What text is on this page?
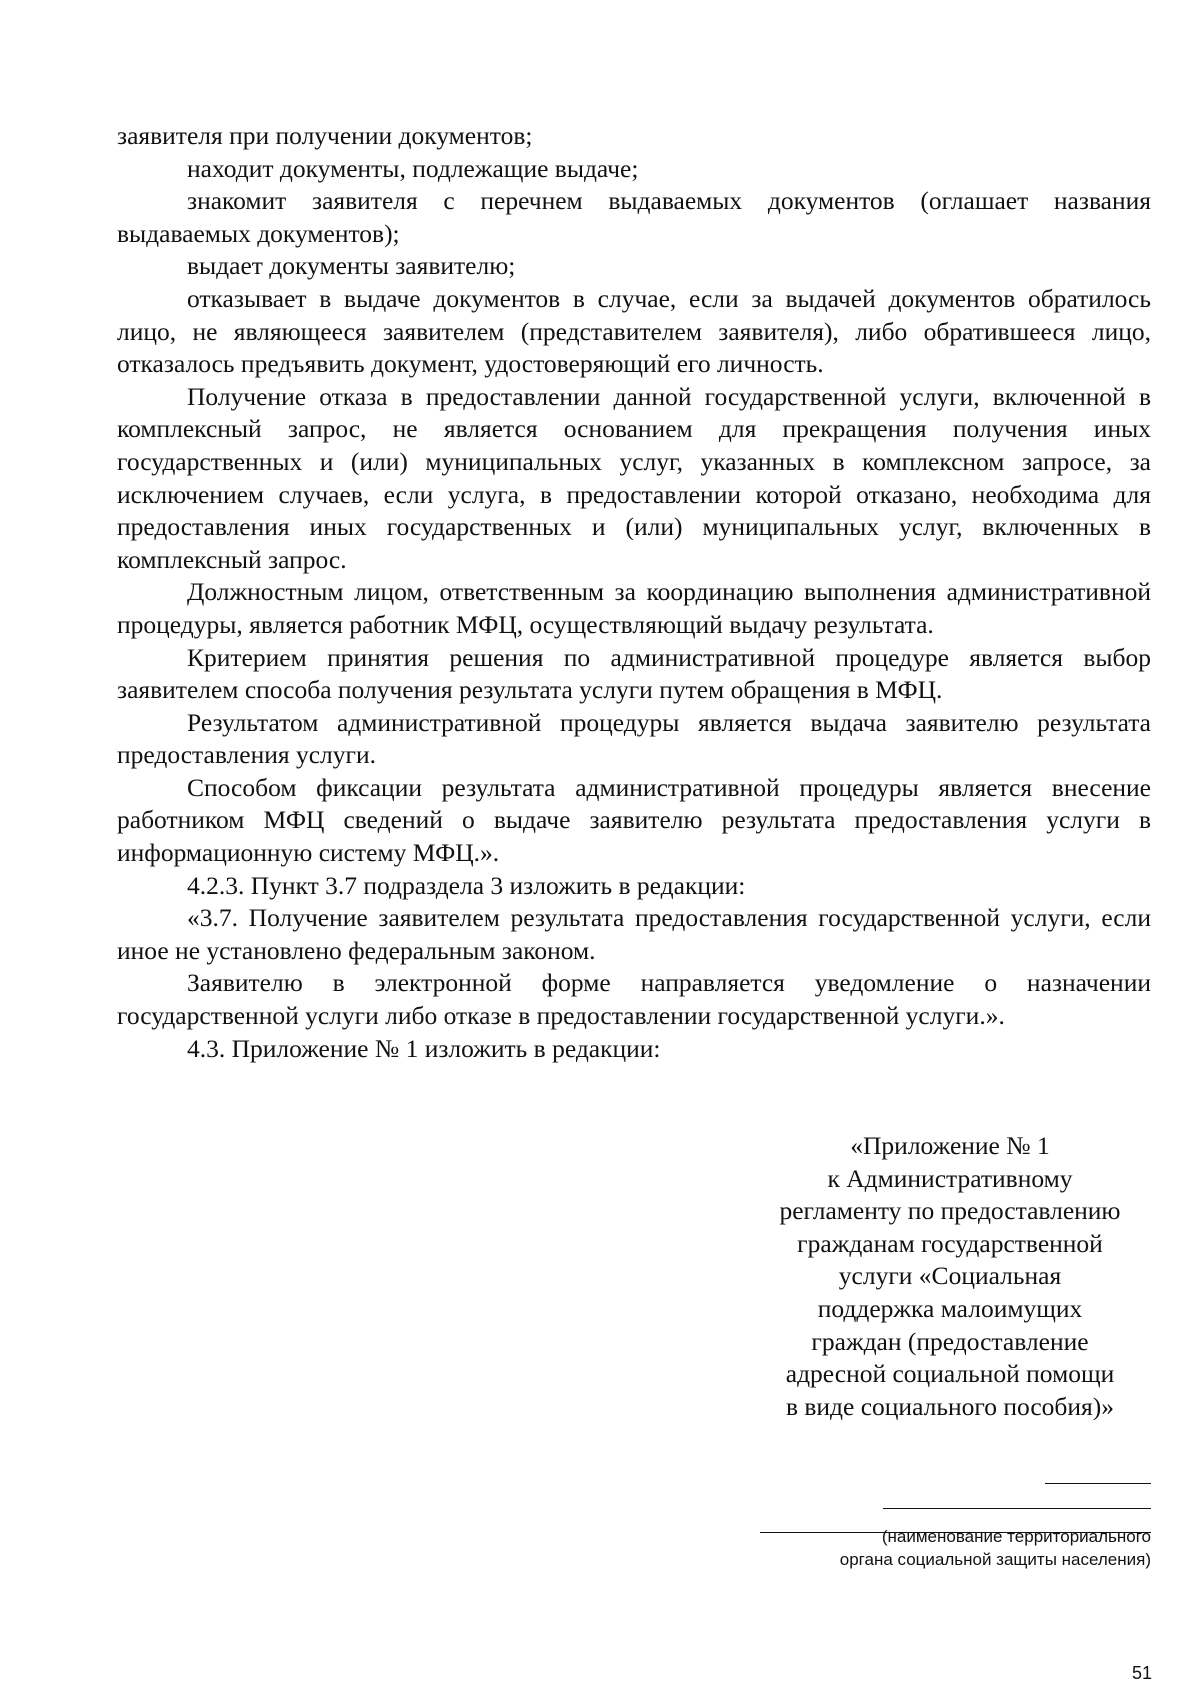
заявителя при получении документов;

находит документы, подлежащие выдаче;

знакомит заявителя с перечнем выдаваемых документов (оглашает названия выдаваемых документов);

выдает документы заявителю;

отказывает в выдаче документов в случае, если за выдачей документов обратилось лицо, не являющееся заявителем (представителем заявителя), либо обратившееся лицо, отказалось предъявить документ, удостоверяющий его личность.

Получение отказа в предоставлении данной государственной услуги, включенной в комплексный запрос, не является основанием для прекращения получения иных государственных и (или) муниципальных услуг, указанных в комплексном запросе, за исключением случаев, если услуга, в предоставлении которой отказано, необходима для предоставления иных государственных и (или) муниципальных услуг, включенных в комплексный запрос.

Должностным лицом, ответственным за координацию выполнения административной процедуры, является работник МФЦ, осуществляющий выдачу результата.

Критерием принятия решения по административной процедуре является выбор заявителем способа получения результата услуги путем обращения в МФЦ.

Результатом административной процедуры является выдача заявителю результата предоставления услуги.

Способом фиксации результата административной процедуры является внесение работником МФЦ сведений о выдаче заявителю результата предоставления услуги в информационную систему МФЦ.».

4.2.3. Пункт 3.7 подраздела 3 изложить в редакции:

«3.7. Получение заявителем результата предоставления государственной услуги, если иное не установлено федеральным законом.

Заявителю в электронной форме направляется уведомление о назначении государственной услуги либо отказе в предоставлении государственной услуги.».

4.3. Приложение № 1 изложить в редакции:

«Приложение № 1
к Административному
регламенту по предоставлению
гражданам государственной
услуги «Социальная
поддержка малоимущих
граждан (предоставление
адресной социальной помощи
в виде социального пособия)»
(наименование территориального
органа социальной защиты населения)
51
